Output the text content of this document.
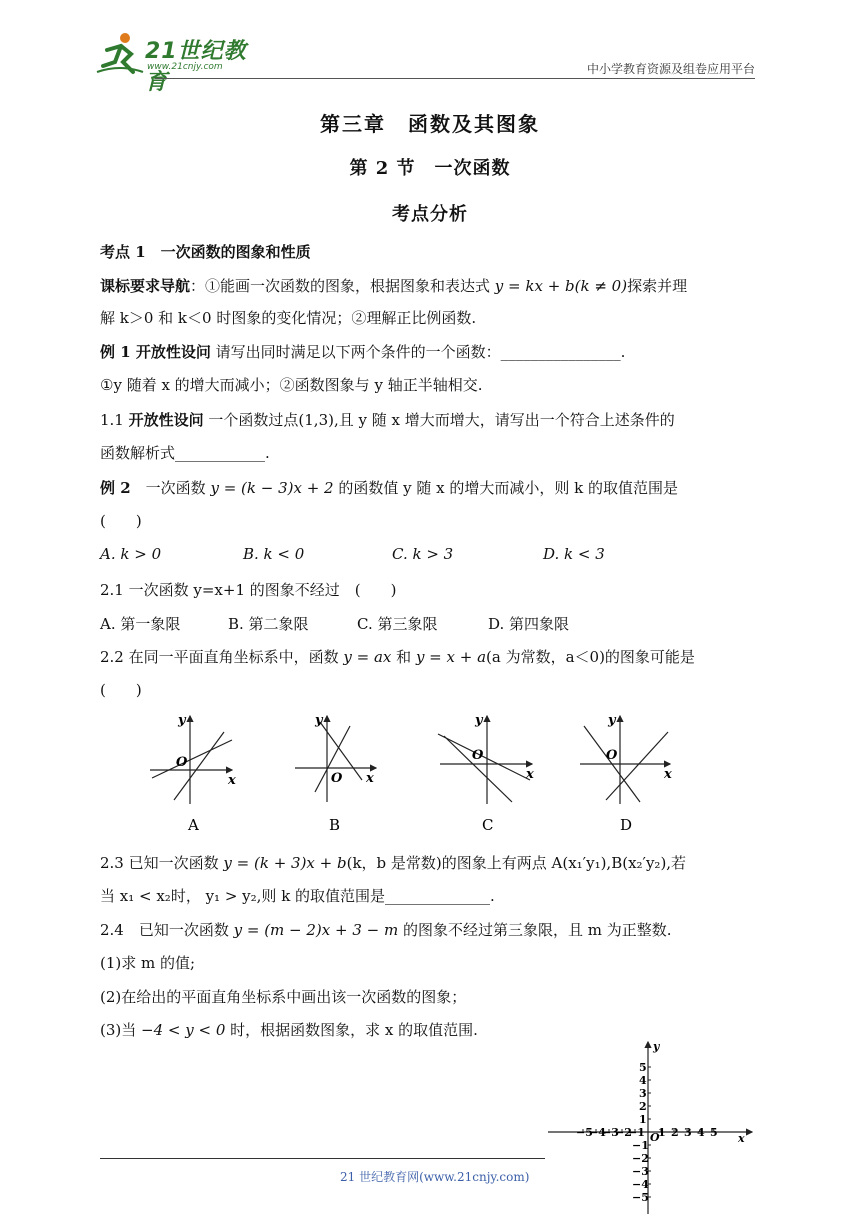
21世纪教育
www.21cnjy.com	中小学教育资源及组卷应用平台
第三章　函数及其图象
第 2 节　一次函数
考点分析
考点 1　一次函数的图象和性质
课标要求导航：①能画一次函数的图象，根据图象和表达式 y = kx + b(k ≠ 0)探索并理
解 k＞0 和 k＜0 时图象的变化情况；②理解正比例函数.
例 1 开放性设问 请写出同时满足以下两个条件的一个函数：________________.
①y 随着 x 的增大而减小；②函数图象与 y 轴正半轴相交.
1.1 开放性设问 一个函数过点(1,3),且 y 随 x 增大而增大，请写出一个符合上述条件的
函数解析式____________.
例 2　一次函数 y = (k − 3)x + 2 的函数值 y 随 x 的增大而减小，则 k 的取值范围是
(　　)
A. k > 0	B. k < 0	C. k > 3	D. k < 3
2.1 一次函数 y=x+1 的图象不经过　(　　)
A. 第一象限	B. 第二象限	C. 第三象限	D. 第四象限
2.2 在同一平面直角坐标系中，函数 y = ax 和 y = x + a(a 为常数，a＜0)的图象可能是
(　　)
y
x
O
A
y
x
O
B
y
x
O
C
y
x
O
D
2.3 已知一次函数 y = (k + 3)x + b(k，b 是常数)的图象上有两点 A(x₁′y₁),B(x₂′y₂),若
当 x₁ < x₂时， y₁ > y₂,则 k 的取值范围是______________.
2.4　已知一次函数 y = (m − 2)x + 3 − m 的图象不经过第三象限，且 m 为正整数.
(1)求 m 的值;
(2)在给出的平面直角坐标系中画出该一次函数的图象；
(3)当 −4 < y < 0 时，根据函数图象，求 x 的取值范围.
−5
−4
−3
−2
−1 1 2 3 4 5
5
4
3
2
1
−1
−2
−3
−4
−5
O	x
y
21 世纪教育网(www.21cnjy.com)
